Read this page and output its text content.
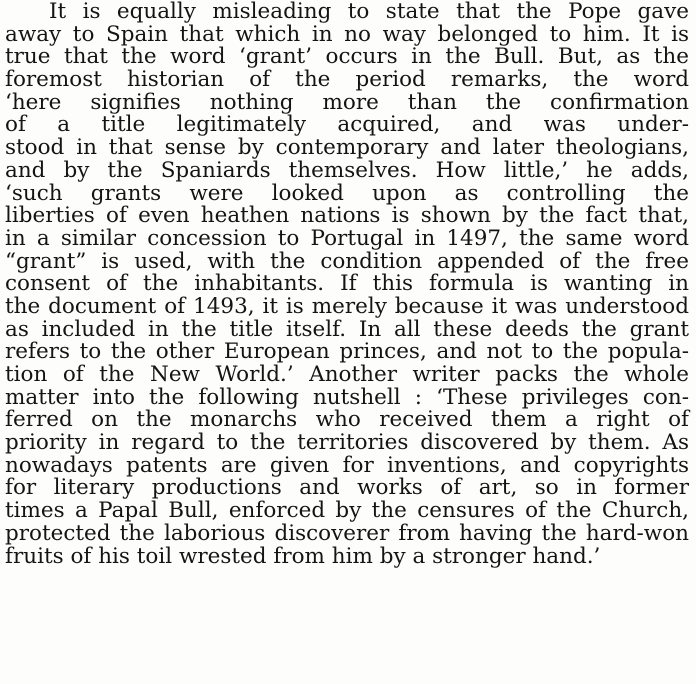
It is equally misleading to state that the Pope gave
away to Spain that which in no way belonged to him. It is
true that the word ‘grant’ occurs in the Bull. But, as the
foremost historian of the period remarks, the word
‘here signifies nothing more than the confirmation
of a title legitimately acquired, and was under-
stood in that sense by contemporary and later theologians,
and by the Spaniards themselves. How little,’ he adds,
‘such grants were looked upon as controlling the
liberties of even heathen nations is shown by the fact that,
in a similar concession to Portugal in 1497, the same word
“grant” is used, with the condition appended of the free
consent of the inhabitants. If this formula is wanting in
the document of 1493, it is merely because it was understood
as included in the title itself. In all these deeds the grant
refers to the other European princes, and not to the popula-
tion of the New World.’ Another writer packs the whole
matter into the following nutshell : ‘These privileges con-
ferred on the monarchs who received them a right of
priority in regard to the territories discovered by them. As
nowadays patents are given for inventions, and copyrights
for literary productions and works of art, so in former
times a Papal Bull, enforced by the censures of the Church,
protected the laborious discoverer from having the hard-won
fruits of his toil wrested from him by a stronger hand.’
